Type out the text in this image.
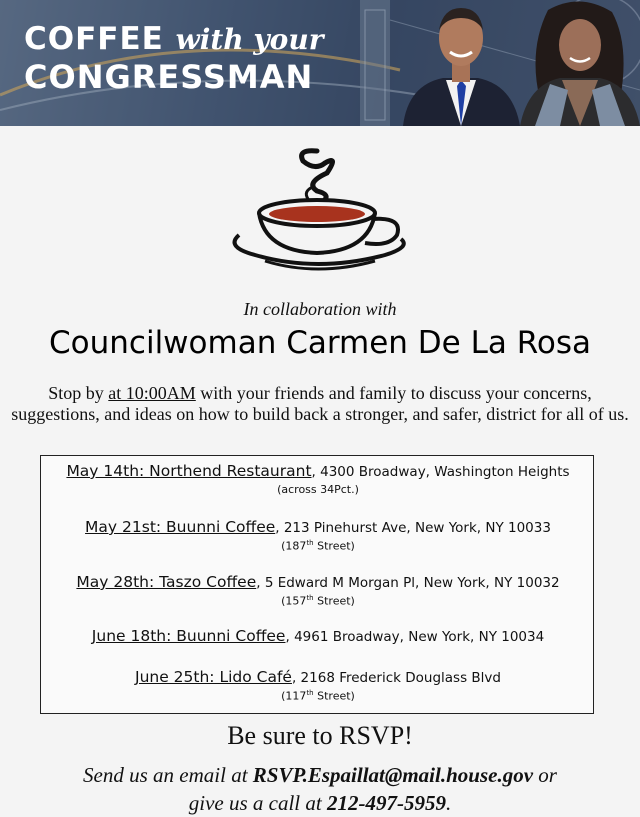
COFFEE with your
CONGRESSMAN
In collaboration with
Councilwoman Carmen De La Rosa
Stop by at 10:00AM with your friends and family to discuss your concerns, suggestions, and ideas on how to build back a stronger, and safer, district for all of us.
May 14th: Northend Restaurant, 4300 Broadway, Washington Heights
(across 34Pct.)
May 21st: Buunni Coffee, 213 Pinehurst Ave, New York, NY 10033
(187th Street)
May 28th: Taszo Coffee, 5 Edward M Morgan Pl, New York, NY 10032
(157th Street)
June 18th: Buunni Coffee, 4961 Broadway, New York, NY 10034
June 25th: Lido Café, 2168 Frederick Douglass Blvd
(117th Street)
Be sure to RSVP!
Send us an email at RSVP.Espaillat@mail.house.gov or
give us a call at 212-497-5959.
